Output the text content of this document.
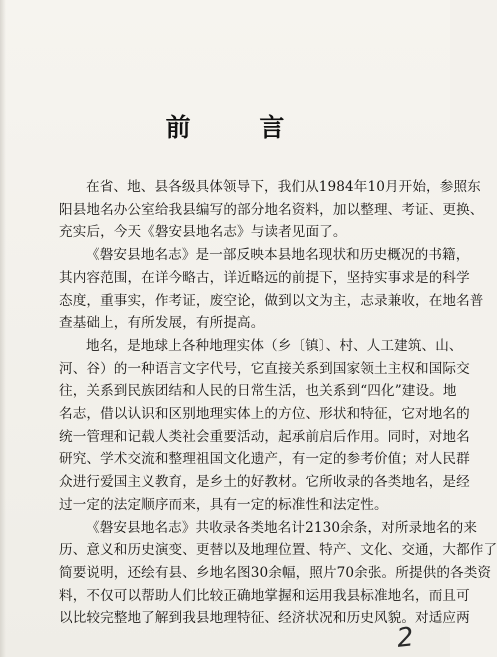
前 言

在省、地、县各级具体领导下，我们从1984年10月开始，参照东
阳县地名办公室给我县编写的部分地名资料，加以整理、考证、更换、
充实后，今天《磐安县地名志》与读者见面了。

《磐安县地名志》是一部反映本县地名现状和历史概况的书籍，
其内容范围，在详今略古，详近略远的前提下，坚持实事求是的科学
态度，重事实，作考证，废空论，做到以文为主，志录兼收，在地名普
查基础上，有所发展，有所提高。

地名，是地球上各种地理实体（乡〔镇〕、村、人工建筑、山、
河、谷）的一种语言文字代号，它直接关系到国家领土主权和国际交
往，关系到民族团结和人民的日常生活，也关系到“四化”建设。地
名志，借以认识和区别地理实体上的方位、形状和特征，它对地名的
统一管理和记载人类社会重要活动，起承前启后作用。同时，对地名
研究、学术交流和整理祖国文化遗产，有一定的参考价值；对人民群
众进行爱国主义教育，是乡土的好教材。它所收录的各类地名，是经
过一定的法定顺序而来，具有一定的标准性和法定性。

《磐安县地名志》共收录各类地名计2130余条，对所录地名的来
历、意义和历史演变、更替以及地理位置、特产、文化、交通，大都作了
简要说明，还绘有县、乡地名图30余幅，照片70余张。所提供的各类资
料，不仅可以帮助人们比较正确地掌握和运用我县标准地名，而且可
以比较完整地了解到我县地理特征、经济状况和历史风貌。对适应两

2
